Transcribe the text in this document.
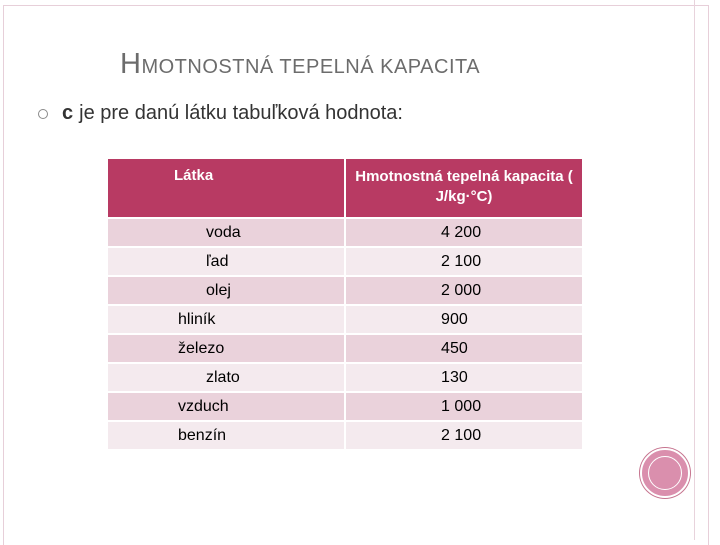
HMOTNOSTNÁ TEPELNÁ KAPACITA
c je pre danú látku tabuľková hodnota:
Látka	Hmotnostná tepelná kapacita ( J/kg·°C)
voda	4 200
ľad	2 100
olej	2 000
hliník	900
železo	450
zlato	130
vzduch	1 000
benzín	2 100
